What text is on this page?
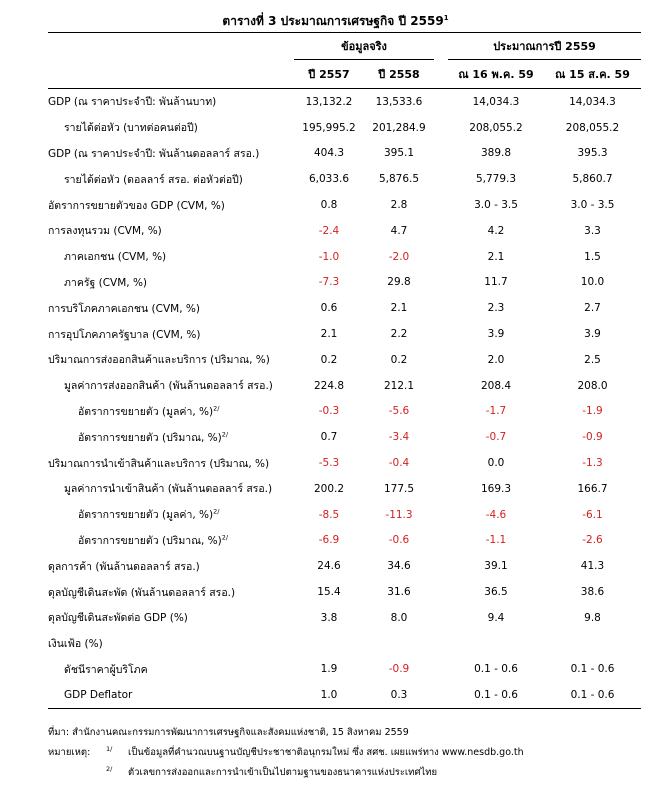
ตารางที่ 3 ประมาณการเศรษฐกิจ ปี 2559$^1$
	ข้อมูลจริง			ประมาณการปี 2559	
	ปี 2557	ปี 2558		ณ 16 พ.ค. 59	ณ 15 ส.ค. 59
GDP (ณ ราคาประจำปี: พันล้านบาท)	13,132.2	13,533.6		14,034.3	14,034.3
รายได้ต่อหัว (บาทต่อคนต่อปี)	195,995.2	201,284.9		208,055.2	208,055.2
GDP (ณ ราคาประจำปี: พันล้านดอลลาร์ สรอ.)	404.3	395.1		389.8	395.3
รายได้ต่อหัว (ดอลลาร์ สรอ. ต่อหัวต่อปี)	6,033.6	5,876.5		5,779.3	5,860.7
อัตราการขยายตัวของ GDP (CVM, %)	0.8	2.8		3.0 - 3.5	3.0 - 3.5
การลงทุนรวม (CVM, %)	-2.4	4.7		4.2	3.3
ภาคเอกชน (CVM, %)	-1.0	-2.0		2.1	1.5
ภาครัฐ (CVM, %)	-7.3	29.8		11.7	10.0
การบริโภคภาคเอกชน (CVM, %)	0.6	2.1		2.3	2.7
การอุปโภคภาครัฐบาล (CVM, %)	2.1	2.2		3.9	3.9
ปริมาณการส่งออกสินค้าและบริการ (ปริมาณ, %)	0.2	0.2		2.0	2.5
มูลค่าการส่งออกสินค้า (พันล้านดอลลาร์ สรอ.)	224.8	212.1		208.4	208.0
อัตราการขยายตัว (มูลค่า, %)$^{2/}$	-0.3	-5.6		-1.7	-1.9
อัตราการขยายตัว (ปริมาณ, %)$^{2/}$	0.7	-3.4		-0.7	-0.9
ปริมาณการนำเข้าสินค้าและบริการ (ปริมาณ, %)	-5.3	-0.4		0.0	-1.3
มูลค่าการนำเข้าสินค้า (พันล้านดอลลาร์ สรอ.)	200.2	177.5		169.3	166.7
อัตราการขยายตัว (มูลค่า, %)$^{2/}$	-8.5	-11.3		-4.6	-6.1
อัตราการขยายตัว (ปริมาณ, %)$^{2/}$	-6.9	-0.6		-1.1	-2.6
ดุลการค้า (พันล้านดอลลาร์ สรอ.)	24.6	34.6		39.1	41.3
ดุลบัญชีเดินสะพัด (พันล้านดอลลาร์ สรอ.)	15.4	31.6		36.5	38.6
ดุลบัญชีเดินสะพัดต่อ GDP (%)	3.8	8.0		9.4	9.8
เงินเฟ้อ (%)					
ดัชนีราคาผู้บริโภค	1.9	-0.9		0.1 - 0.6	0.1 - 0.6
GDP Deflator	1.0	0.3		0.1 - 0.6	0.1 - 0.6
ที่มา: สำนักงานคณะกรรมการพัฒนาการเศรษฐกิจและสังคมแห่งชาติ, 15 สิงหาคม 2559
หมายเหตุ: $^{1/}$ เป็นข้อมูลที่คำนวณบนฐานบัญชีประชาชาติอนุกรมใหม่ ซึ่ง สศช. เผยแพร่ทาง www.nesdb.go.th
$^{2/}$ ตัวเลขการส่งออกและการนำเข้าเป็นไปตามฐานของธนาคารแห่งประเทศไทย
